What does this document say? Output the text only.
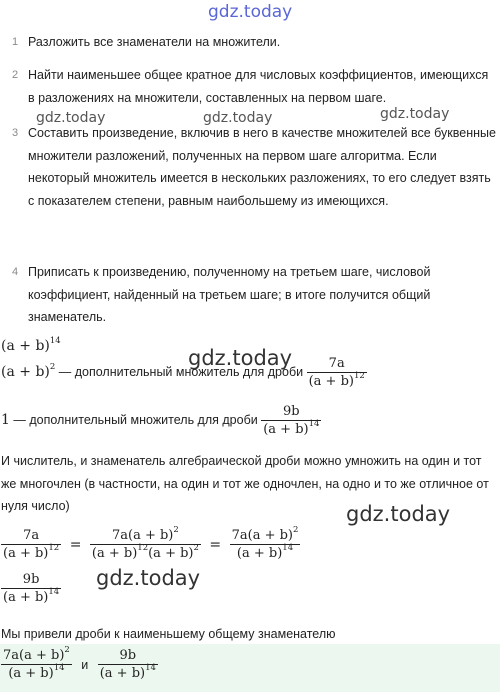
gdz.today
gdz.today	gdz.today	gdz.today
gdz.today
gdz.today
gdz.today
1 Разложить все знаменатели на множители.
2 Найти наименьшее общее кратное для числовых коэффициентов, имеющихся в разложениях на множители, составленных на первом шаге.
3 Составить произведение, включив в него в качестве множителей все буквенные множители разложений, полученных на первом шаге алгоритма. Если некоторый множитель имеется в нескольких разложениях, то его следует взять с показателем степени, равным наибольшему из имеющихся.
4 Приписать к произведению, полученному на третьем шаге, числовой коэффициент, найденный на третьем шаге; в итоге получится общий знаменатель.
$(a + b)^{14}$
$(a + b)^2$ — дополнительный множитель для дроби $\frac{7a}{(a + b)^{12}}$
1 — дополнительный множитель для дроби $\frac{9b}{(a + b)^{14}}$
И числитель, и знаменатель алгебраической дроби можно умножить на один и тот же многочлен (в частности, на один и тот же одночлен, на одно и то же отличное от нуля число)
$\frac{7a}{(a + b)^{12}} = \frac{7a(a + b)^2}{(a + b)^{12}(a + b)^2} = \frac{7a(a + b)^2}{(a + b)^{14}}$
$\frac{9b}{(a + b)^{14}}$
Мы привели дроби к наименьшему общему знаменателю
$\frac{7a(a + b)^2}{(a + b)^{14}}$ и $\frac{9b}{(a + b)^{14}}$
